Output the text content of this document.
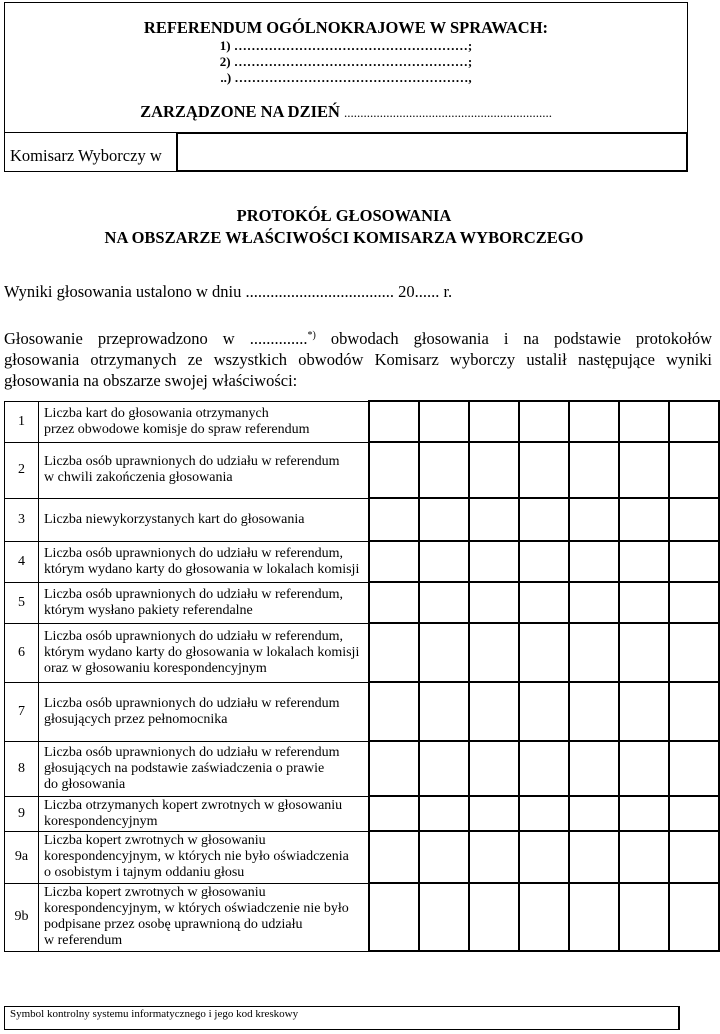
REFERENDUM OGÓLNOKRAJOWE W SPRAWACH:
1) ………………………………………………;
2) ………………………………………………;
..) ………………………………………………,
ZARZĄDZONE NA DZIEŃ ................................................................
Komisarz Wyborczy w
PROTOKÓŁ GŁOSOWANIA
NA OBSZARZE WŁAŚCIWOŚCI KOMISARZA WYBORCZEGO
Wyniki głosowania ustalono w dniu .................................... 20...... r.
Głosowanie przeprowadzono w ..............*) obwodach głosowania i na podstawie protokołów
głosowania otrzymanych ze wszystkich obwodów Komisarz wyborczy ustalił następujące wyniki
głosowania na obszarze swojej właściwości:
1	Liczba kart do głosowania otrzymanych
przez obwodowe komisje do spraw referendum							
2	Liczba osób uprawnionych do udziału w referendum
w chwili zakończenia głosowania							
3	Liczba niewykorzystanych kart do głosowania							
4	Liczba osób uprawnionych do udziału w referendum,
którym wydano karty do głosowania w lokalach komisji							
5	Liczba osób uprawnionych do udziału w referendum,
którym wysłano pakiety referendalne							
6	Liczba osób uprawnionych do udziału w referendum,
którym wydano karty do głosowania w lokalach komisji
oraz w głosowaniu korespondencyjnym							
7	Liczba osób uprawnionych do udziału w referendum
głosujących przez pełnomocnika							
8	Liczba osób uprawnionych do udziału w referendum
głosujących na podstawie zaświadczenia o prawie
do głosowania							
9	Liczba otrzymanych kopert zwrotnych w głosowaniu
korespondencyjnym							
9a	Liczba kopert zwrotnych w głosowaniu
korespondencyjnym, w których nie było oświadczenia
o osobistym i tajnym oddaniu głosu							
9b	Liczba kopert zwrotnych w głosowaniu
korespondencyjnym, w których oświadczenie nie było
podpisane przez osobę uprawnioną do udziału
w referendum							
Symbol kontrolny systemu informatycznego i jego kod kreskowy
